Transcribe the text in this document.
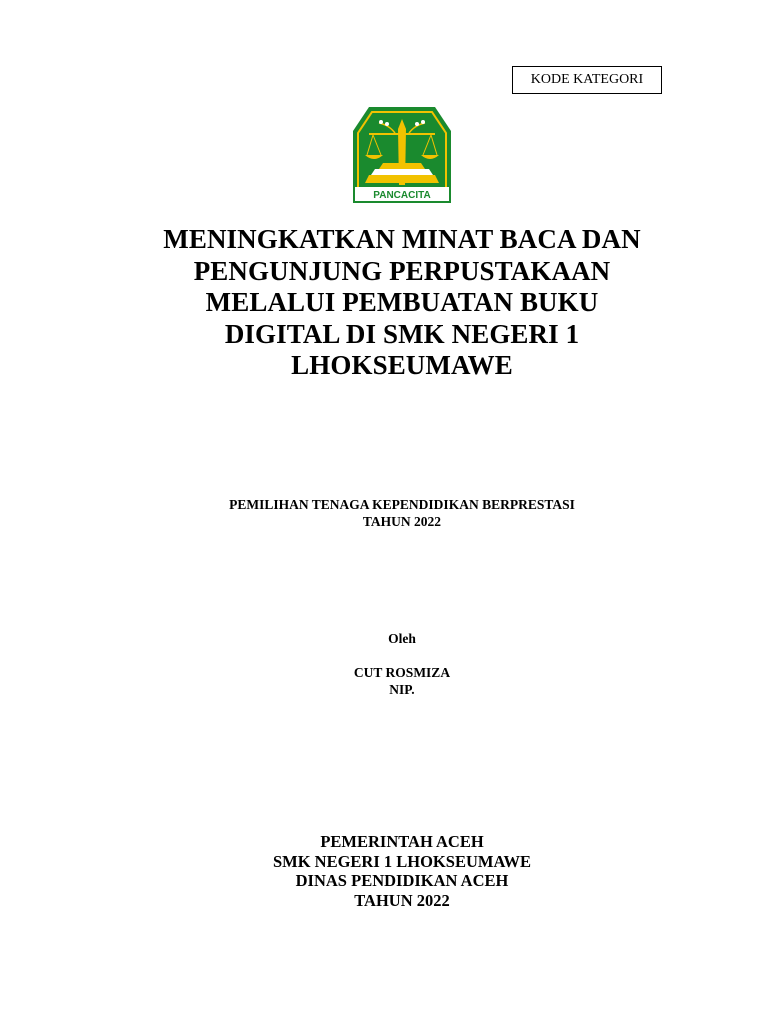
KODE KATEGORI
PANCACITA
MENINGKATKAN MINAT BACA DAN
PENGUNJUNG PERPUSTAKAAN
MELALUI PEMBUATAN BUKU
DIGITAL DI SMK NEGERI 1
LHOKSEUMAWE
PEMILIHAN TENAGA KEPENDIDIKAN BERPRESTASI
TAHUN 2022
Oleh
CUT ROSMIZA
NIP.
PEMERINTAH ACEH
SMK NEGERI 1 LHOKSEUMAWE
DINAS PENDIDIKAN ACEH
TAHUN 2022
